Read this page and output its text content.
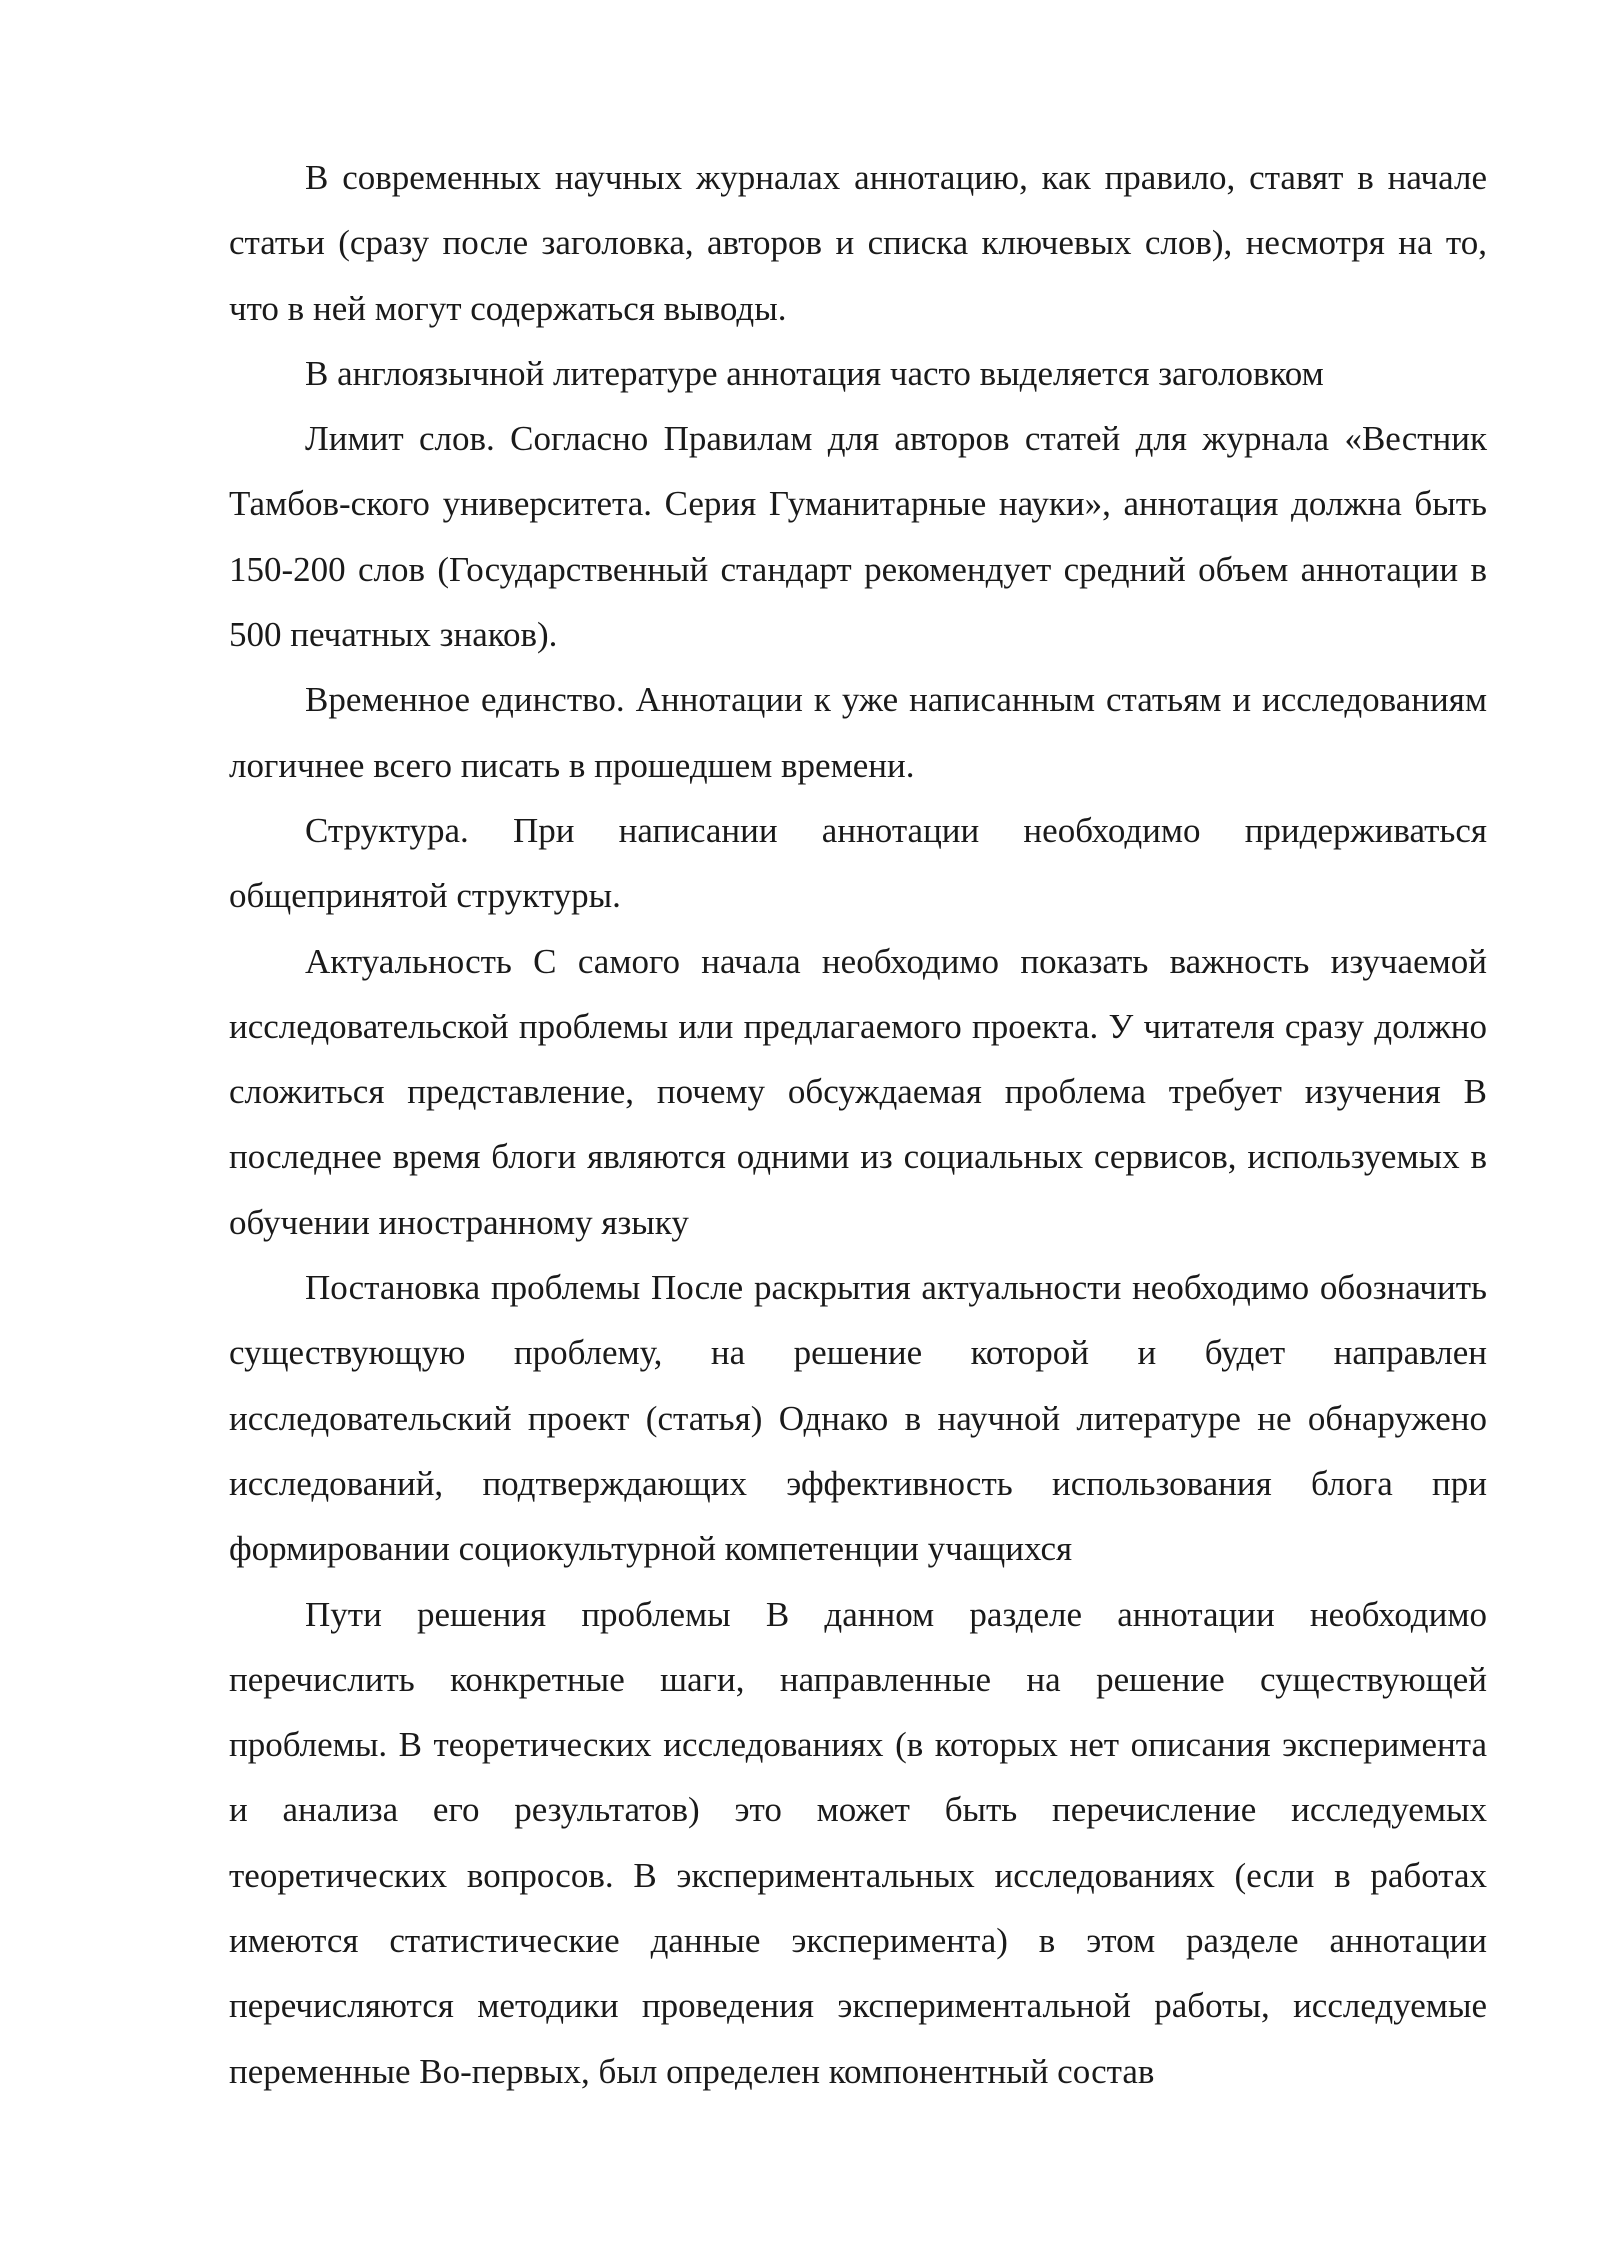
В современных научных журналах аннотацию, как правило, ставят в начале статьи (сразу после заголовка, авторов и списка ключевых слов), несмотря на то, что в ней могут содержаться выводы.

В англоязычной литературе аннотация часто выделяется заголовком

Лимит слов. Согласно Правилам для авторов статей для журнала «Вестник Тамбов-ского университета. Серия Гуманитарные науки», аннотация должна быть 150-200 слов (Государственный стандарт рекомендует средний объем аннотации в 500 печатных знаков).

Временное единство. Аннотации к уже написанным статьям и исследованиям логичнее всего писать в прошедшем времени.

Структура. При написании аннотации необходимо придерживаться общепринятой структуры.

Актуальность С самого начала необходимо показать важность изучаемой исследовательской проблемы или предлагаемого проекта. У читателя сразу должно сложиться представление, почему обсуждаемая проблема требует изучения В последнее время блоги являются одними из социальных сервисов, используемых в обучении иностранному языку

Постановка проблемы После раскрытия актуальности необходимо обозначить существующую проблему, на решение которой и будет направлен исследовательский проект (статья) Однако в научной литературе не обнаружено исследований, подтверждающих эффективность использования блога при формировании социокультурной компетенции учащихся

Пути решения проблемы В данном разделе аннотации необходимо перечислить конкретные шаги, направленные на решение существующей проблемы. В теоретических исследованиях (в которых нет описания эксперимента и анализа его результатов) это может быть перечисление исследуемых теоретических вопросов. В экспериментальных исследованиях (если в работах имеются статистические данные эксперимента) в этом разделе аннотации перечисляются методики проведения экспериментальной работы, исследуемые переменные Во-первых, был определен компонентный состав
